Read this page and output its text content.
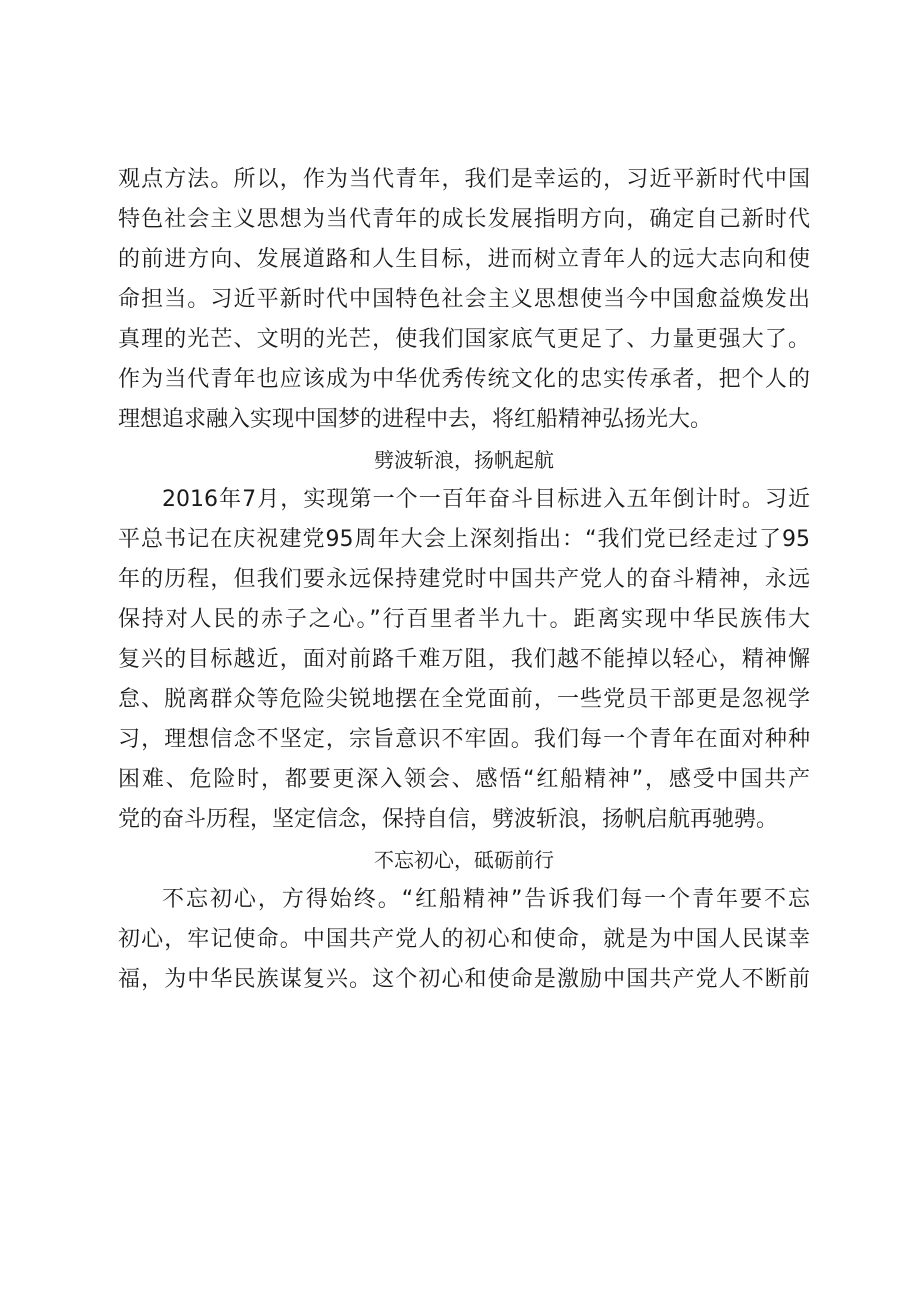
观点方法。所以，作为当代青年，我们是幸运的，习近平新时代中国
特色社会主义思想为当代青年的成长发展指明方向，确定自己新时代
的前进方向、发展道路和人生目标，进而树立青年人的远大志向和使
命担当。习近平新时代中国特色社会主义思想使当今中国愈益焕发出
真理的光芒、文明的光芒，使我们国家底气更足了、力量更强大了。
作为当代青年也应该成为中华优秀传统文化的忠实传承者，把个人的
理想追求融入实现中国梦的进程中去，将红船精神弘扬光大。
劈波斩浪，扬帆起航
2016年7月，实现第一个一百年奋斗目标进入五年倒计时。习近
平总书记在庆祝建党95周年大会上深刻指出：“我们党已经走过了95
年的历程，但我们要永远保持建党时中国共产党人的奋斗精神，永远
保持对人民的赤子之心。”行百里者半九十。距离实现中华民族伟大
复兴的目标越近，面对前路千难万阻，我们越不能掉以轻心，精神懈
怠、脱离群众等危险尖锐地摆在全党面前，一些党员干部更是忽视学
习，理想信念不坚定，宗旨意识不牢固。我们每一个青年在面对种种
困难、危险时，都要更深入领会、感悟“红船精神”，感受中国共产
党的奋斗历程，坚定信念，保持自信，劈波斩浪，扬帆启航再驰骋。
不忘初心，砥砺前行
不忘初心，方得始终。“红船精神”告诉我们每一个青年要不忘
初心，牢记使命。中国共产党人的初心和使命，就是为中国人民谋幸
福，为中华民族谋复兴。这个初心和使命是激励中国共产党人不断前
